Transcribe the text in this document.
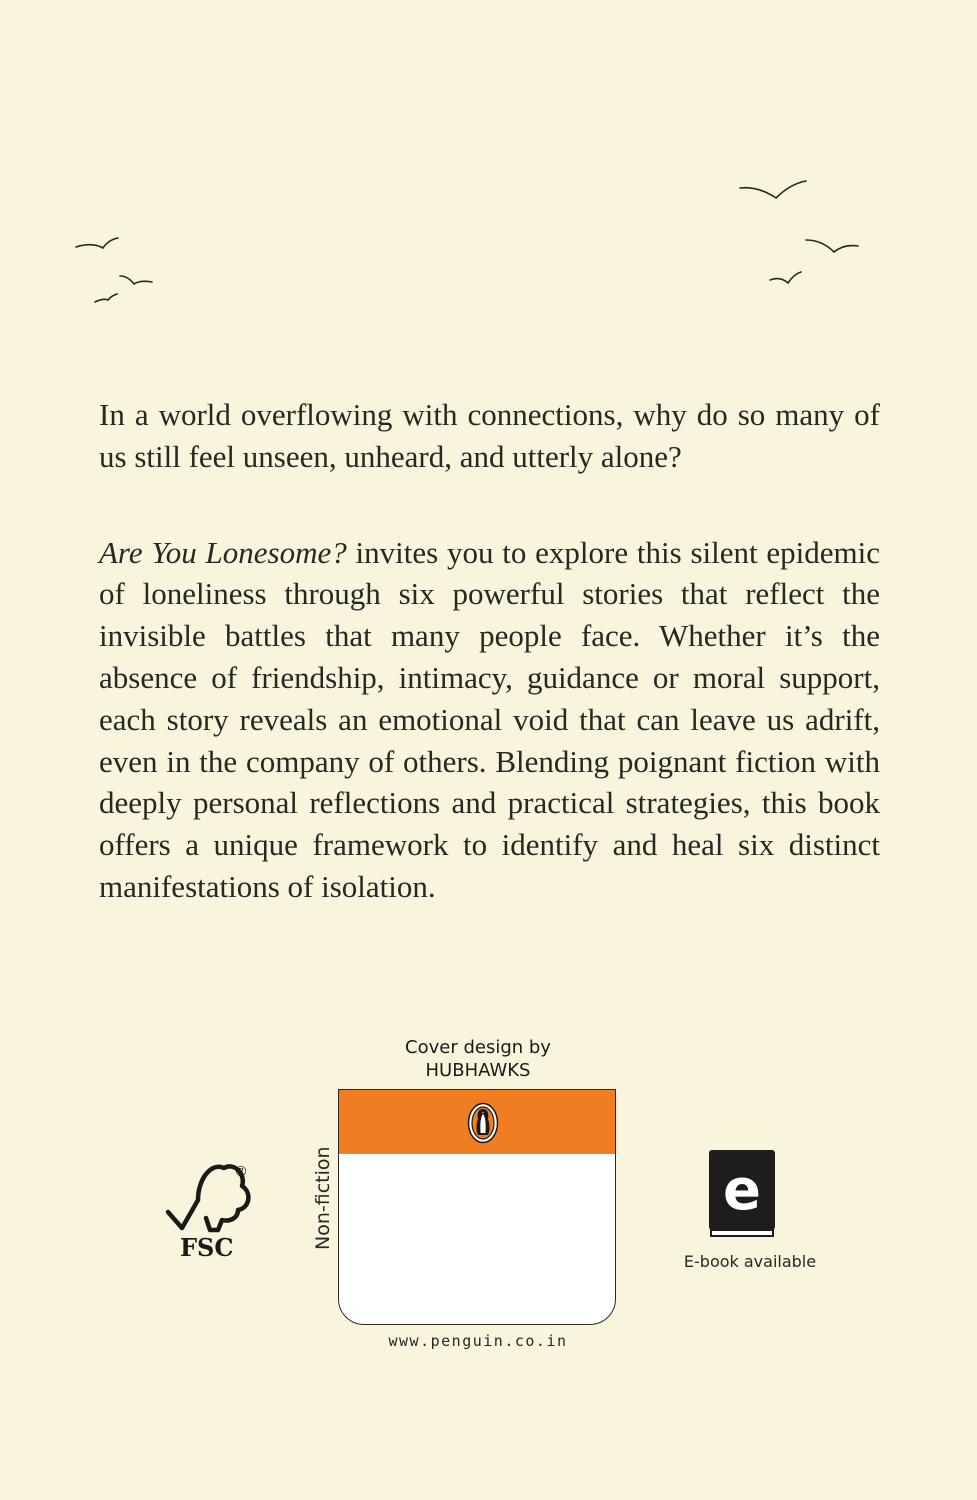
In a world overflowing with connections, why do so many of us still feel unseen, unheard, and utterly alone?

Are You Lonesome? invites you to explore this silent epidemic of loneliness through six powerful stories that reflect the invisible battles that many people face. Whether it’s the absence of friendship, intimacy, guidance or moral support, each story reveals an emotional void that can leave us adrift, even in the company of others. Blending poignant fiction with deeply personal reflections and practical strategies, this book offers a unique framework to identify and heal six distinct manifestations of isolation.

Cover design by
HUBHAWKS
Non-fiction
www.penguin.co.in
®
FSC
e
E-book available
